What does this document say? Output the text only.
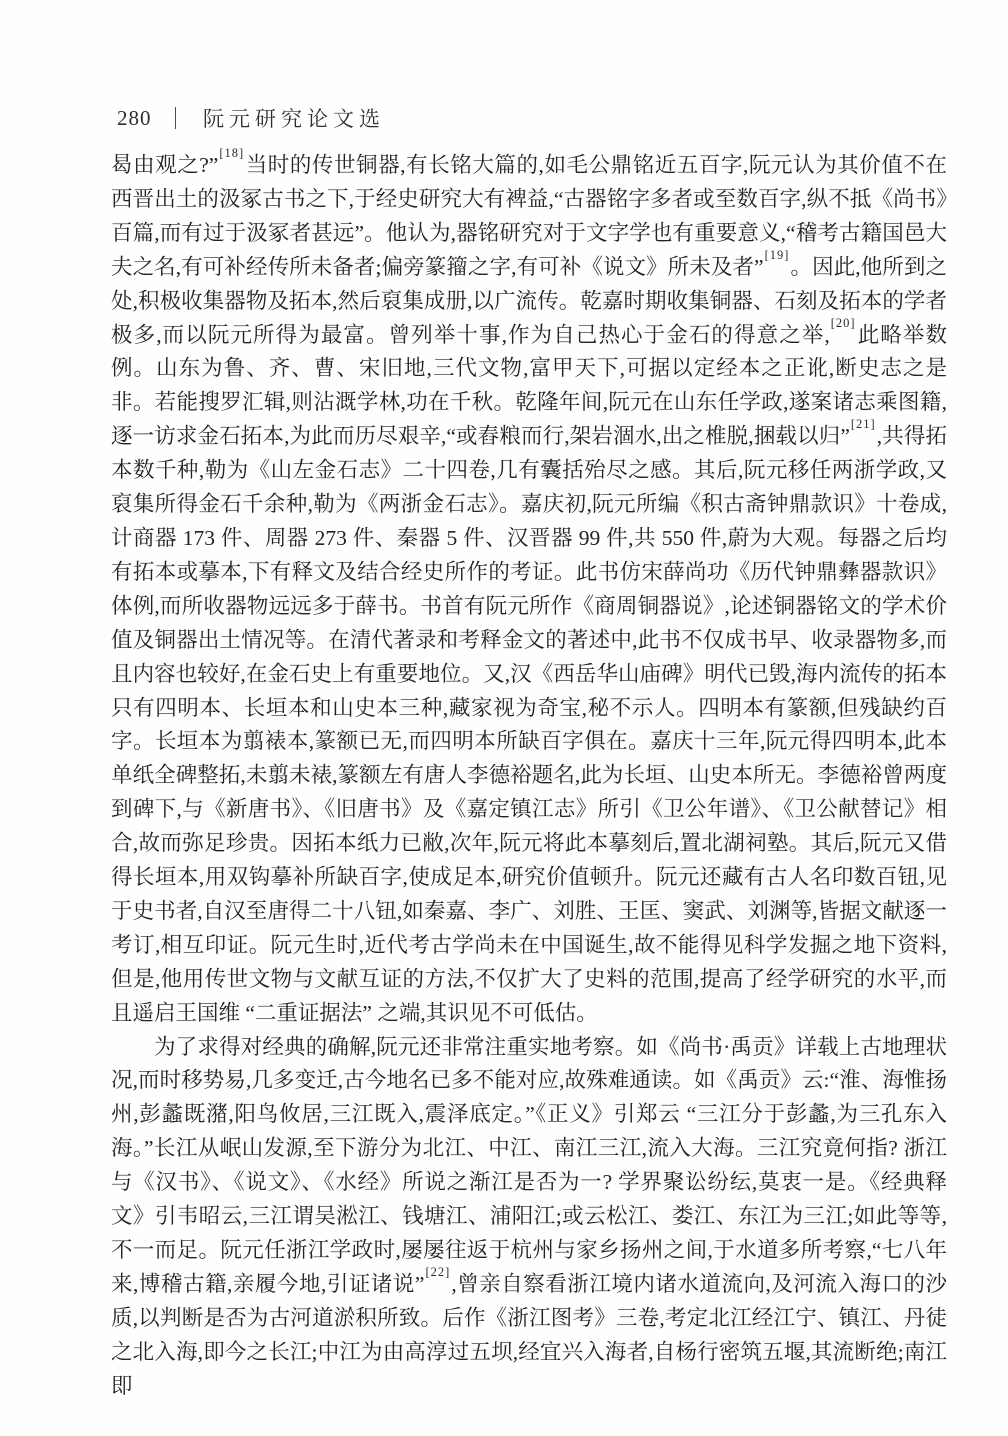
280 阮元研究论文选

曷由观之?”[18]当时的传世铜器,有长铭大篇的,如毛公鼎铭近五百字,阮元认为其价值不在西晋出土的汲冢古书之下,于经史研究大有裨益,“古器铭字多者或至数百字,纵不抵《尚书》百篇,而有过于汲冢者甚远”。他认为,器铭研究对于文字学也有重要意义,“稽考古籍国邑大夫之名,有可补经传所未备者;偏旁篆籀之字,有可补《说文》所未及者”[19]。因此,他所到之处,积极收集器物及拓本,然后裒集成册,以广流传。乾嘉时期收集铜器、石刻及拓本的学者极多,而以阮元所得为最富。曾列举十事,作为自己热心于金石的得意之举,[20]此略举数例。山东为鲁、齐、曹、宋旧地,三代文物,富甲天下,可据以定经本之正讹,断史志之是非。若能搜罗汇辑,则沾溉学林,功在千秋。乾隆年间,阮元在山东任学政,遂案诸志乘图籍,逐一访求金石拓本,为此而历尽艰辛,“或舂粮而行,架岩涸水,出之椎脱,捆载以归”[21],共得拓本数千种,勒为《山左金石志》二十四卷,几有囊括殆尽之感。其后,阮元移任两浙学政,又裒集所得金石千余种,勒为《两浙金石志》。嘉庆初,阮元所编《积古斋钟鼎款识》十卷成,计商器 173 件、周器 273 件、秦器 5 件、汉晋器 99 件,共 550 件,蔚为大观。每器之后均有拓本或摹本,下有释文及结合经史所作的考证。此书仿宋薛尚功《历代钟鼎彝器款识》体例,而所收器物远远多于薛书。书首有阮元所作《商周铜器说》,论述铜器铭文的学术价值及铜器出土情况等。在清代著录和考释金文的著述中,此书不仅成书早、收录器物多,而且内容也较好,在金石史上有重要地位。又,汉《西岳华山庙碑》明代已毁,海内流传的拓本只有四明本、长垣本和山史本三种,藏家视为奇宝,秘不示人。四明本有篆额,但残缺约百字。长垣本为翦裱本,篆额已无,而四明本所缺百字俱在。嘉庆十三年,阮元得四明本,此本单纸全碑整拓,未翦未裱,篆额左有唐人李德裕题名,此为长垣、山史本所无。李德裕曾两度到碑下,与《新唐书》、《旧唐书》及《嘉定镇江志》所引《卫公年谱》、《卫公献替记》相合,故而弥足珍贵。因拓本纸力已敝,次年,阮元将此本摹刻后,置北湖祠塾。其后,阮元又借得长垣本,用双钩摹补所缺百字,使成足本,研究价值顿升。阮元还藏有古人名印数百钮,见于史书者,自汉至唐得二十八钮,如秦嘉、李广、刘胜、王匡、窦武、刘渊等,皆据文献逐一考订,相互印证。阮元生时,近代考古学尚未在中国诞生,故不能得见科学发掘之地下资料,但是,他用传世文物与文献互证的方法,不仅扩大了史料的范围,提高了经学研究的水平,而且遥启王国维 “二重证据法” 之端,其识见不可低估。

为了求得对经典的确解,阮元还非常注重实地考察。如《尚书·禹贡》详载上古地理状况,而时移势易,几多变迁,古今地名已多不能对应,故殊难通读。如《禹贡》云:“淮、海惟扬州,彭蠡既潴,阳鸟攸居,三江既入,震泽底定。”《正义》引郑云 “三江分于彭蠡,为三孔东入海。”长江从岷山发源,至下游分为北江、中江、南江三江,流入大海。三江究竟何指? 浙江与《汉书》、《说文》、《水经》所说之渐江是否为一? 学界聚讼纷纭,莫衷一是。《经典释文》引韦昭云,三江谓吴淞江、钱塘江、浦阳江;或云松江、娄江、东江为三江;如此等等,不一而足。阮元任浙江学政时,屡屡往返于杭州与家乡扬州之间,于水道多所考察,“七八年来,博稽古籍,亲履今地,引证诸说”[22],曾亲自察看浙江境内诸水道流向,及河流入海口的沙质,以判断是否为古河道淤积所致。后作《浙江图考》三卷,考定北江经江宁、镇江、丹徒之北入海,即今之长江;中江为由高淳过五坝,经宜兴入海者,自杨行密筑五堰,其流断绝;南江即
